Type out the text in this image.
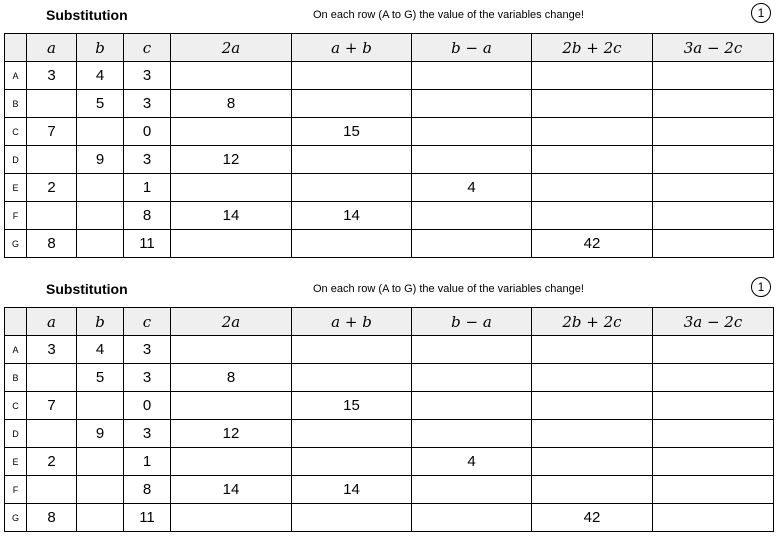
Substitution	On each row (A to G) the value of the variables change!	1
	a	b	c	2a	a + b	b − a	2b + 2c	3a − 2c
A	3	4	3					
B		5	3	8				
C	7		0		15			
D		9	3	12				
E	2		1			4		
F			8	14	14			
G	8		11				42	
Substitution	On each row (A to G) the value of the variables change!	1
	a	b	c	2a	a + b	b − a	2b + 2c	3a − 2c
A	3	4	3					
B		5	3	8				
C	7		0		15			
D		9	3	12				
E	2		1			4		
F			8	14	14			
G	8		11				42	
